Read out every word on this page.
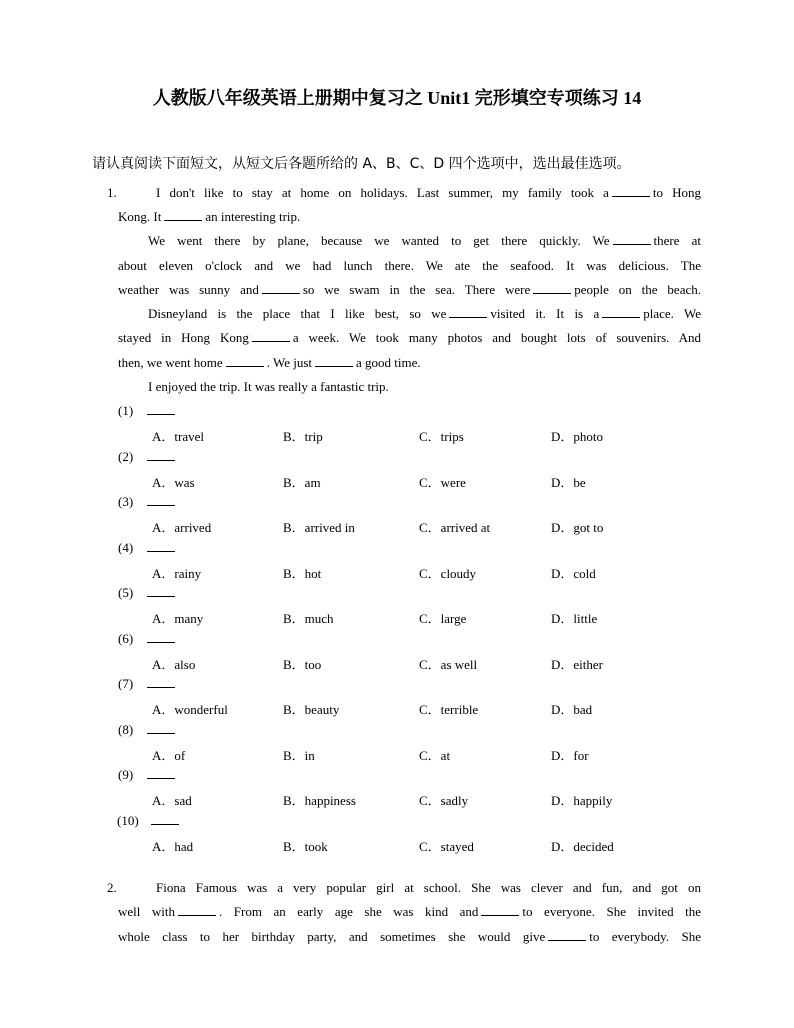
人教版八年级英语上册期中复习之 Unit1 完形填空专项练习 14
请认真阅读下面短文，从短文后各题所给的 A、B、C、D 四个选项中，选出最佳选项。
1.	I don't like to stay at home on holidays. Last summer, my family took a	to Hong
Kong. It	an interesting trip.
We went there by plane, because we wanted to get there quickly. We	there at
about eleven o'clock and we had lunch there. We ate the seafood. It was delicious. The
weather was sunny and	so we swam in the sea. There were	people on the beach.
Disneyland is the place that I like best, so we	visited it. It is a	place. We
stayed in Hong Kong	a week. We took many photos and bought lots of souvenirs. And
then, we went home	. We just	a good time.
I enjoyed the trip. It was really a fantastic trip.
(1)
A．travel	B．trip	C．trips	D．photo
(2)
A．was	B．am	C．were	D．be
(3)
A．arrived	B．arrived in	C．arrived at	D．got to
(4)
A．rainy	B．hot	C．cloudy	D．cold
(5)
A．many	B．much	C．large	D．little
(6)
A．also	B．too	C．as well	D．either
(7)
A．wonderful	B．beauty	C．terrible	D．bad
(8)
A．of	B．in	C．at	D．for
(9)
A．sad	B．happiness	C．sadly	D．happily
(10)
A．had	B．took	C．stayed	D．decided
2.	Fiona Famous was a very popular girl at school. She was clever and fun, and got on
well with	. From an early age she was kind and	to everyone. She invited the
whole class to her birthday party, and sometimes she would give	to everybody. She
